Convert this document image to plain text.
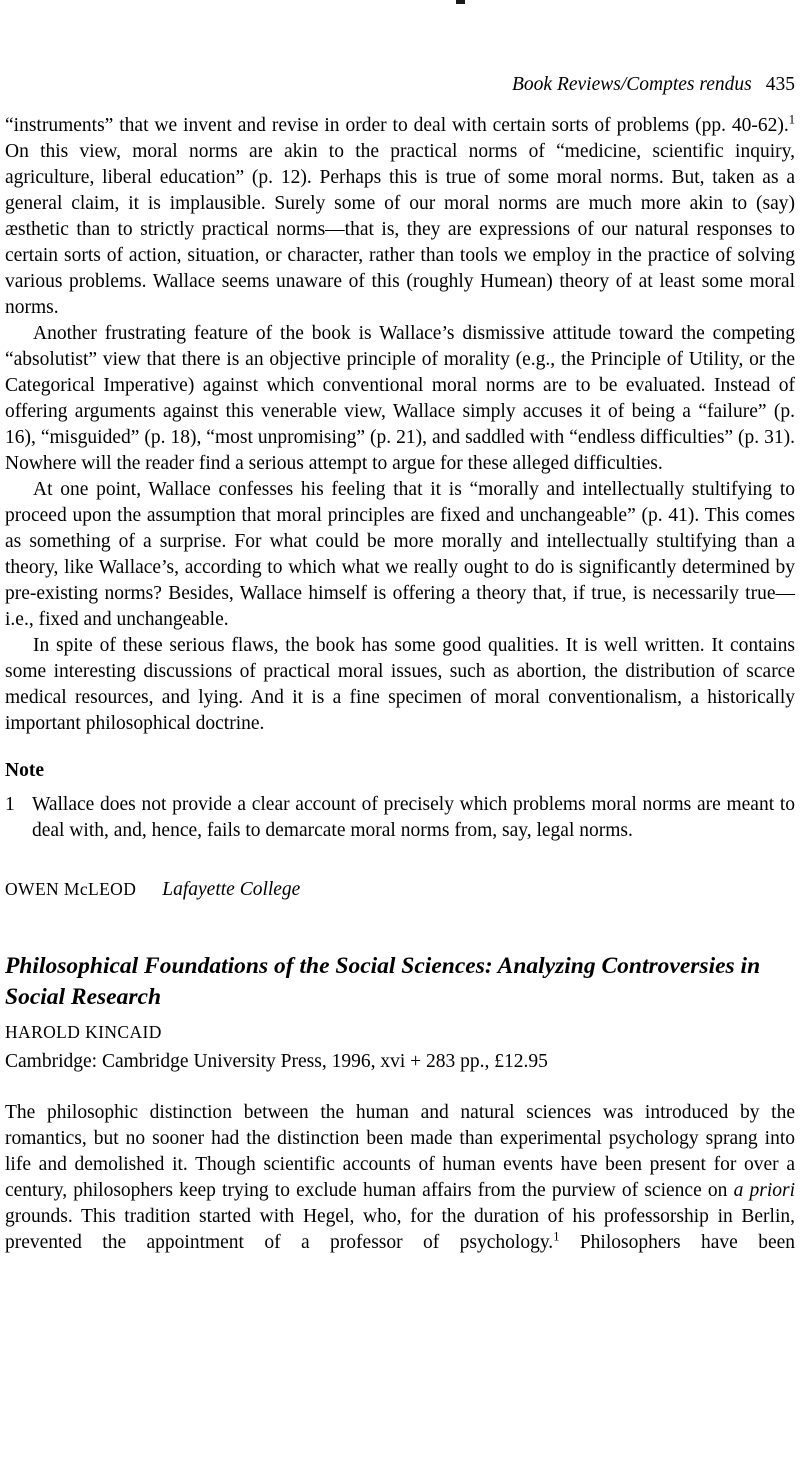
Book Reviews/Comptes rendus 435

“instruments” that we invent and revise in order to deal with certain sorts of problems (pp. 40-62).$^1$ On this view, moral norms are akin to the practical norms of “medicine, scientific inquiry, agriculture, liberal education” (p. 12). Perhaps this is true of some moral norms. But, taken as a general claim, it is implausible. Surely some of our moral norms are much more akin to (say) æsthetic than to strictly practical norms—that is, they are expressions of our natural responses to certain sorts of action, situation, or character, rather than tools we employ in the practice of solving various problems. Wallace seems unaware of this (roughly Humean) theory of at least some moral norms.

Another frustrating feature of the book is Wallace’s dismissive attitude toward the competing “absolutist” view that there is an objective principle of morality (e.g., the Principle of Utility, or the Categorical Imperative) against which conventional moral norms are to be evaluated. Instead of offering arguments against this venerable view, Wallace simply accuses it of being a “failure” (p. 16), “misguided” (p. 18), “most unpromising” (p. 21), and saddled with “endless difficulties” (p. 31). Nowhere will the reader find a serious attempt to argue for these alleged difficulties.

At one point, Wallace confesses his feeling that it is “morally and intellectually stultifying to proceed upon the assumption that moral principles are fixed and unchangeable” (p. 41). This comes as something of a surprise. For what could be more morally and intellectually stultifying than a theory, like Wallace’s, according to which what we really ought to do is significantly determined by pre-existing norms? Besides, Wallace himself is offering a theory that, if true, is necessarily true—i.e., fixed and unchangeable.

In spite of these serious flaws, the book has some good qualities. It is well written. It contains some interesting discussions of practical moral issues, such as abortion, the distribution of scarce medical resources, and lying. And it is a fine specimen of moral conventionalism, a historically important philosophical doctrine.

Note
1 Wallace does not provide a clear account of precisely which problems moral norms are meant to deal with, and, hence, fails to demarcate moral norms from, say, legal norms.
OWEN McLEOD Lafayette College
Philosophical Foundations of the Social Sciences: Analyzing Controversies in Social Research
HAROLD KINCAID
Cambridge: Cambridge University Press, 1996, xvi + 283 pp., £12.95

The philosophic distinction between the human and natural sciences was introduced by the romantics, but no sooner had the distinction been made than experimental psychology sprang into life and demolished it. Though scientific accounts of human events have been present for over a century, philosophers keep trying to exclude human affairs from the purview of science on a priori grounds. This tradition started with Hegel, who, for the duration of his professorship in Berlin, prevented the appointment of a professor of psychology.$^1$ Philosophers have been
